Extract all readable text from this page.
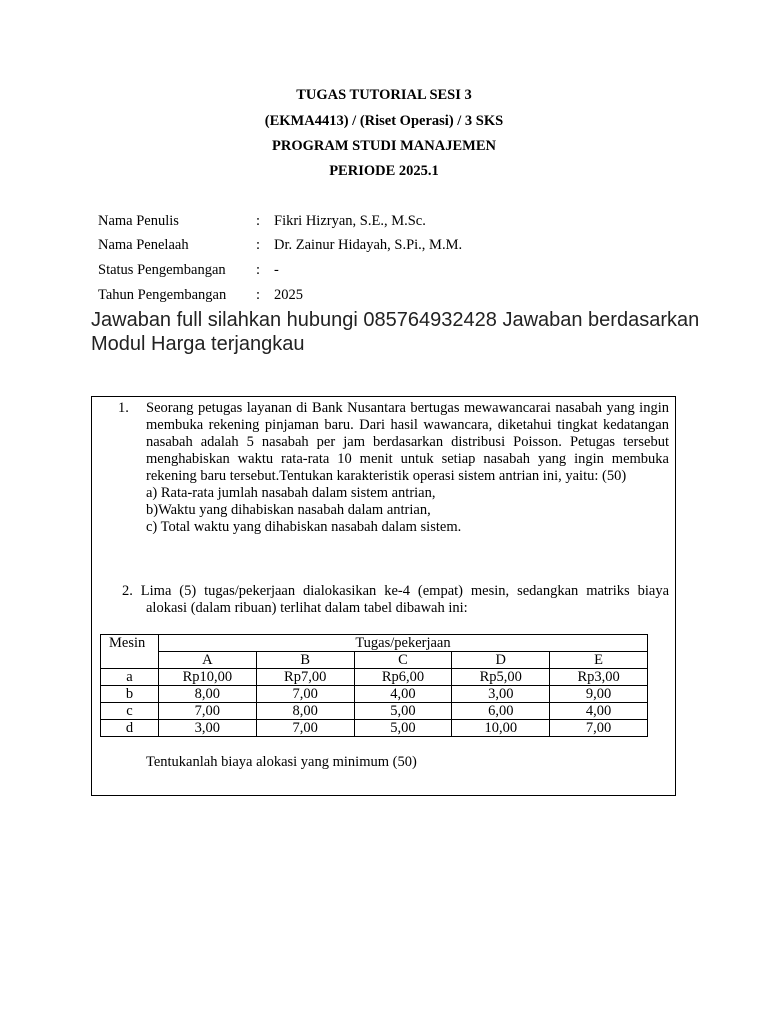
TUGAS TUTORIAL SESI 3
(EKMA4413) / (Riset Operasi) / 3 SKS
PROGRAM STUDI MANAJEMEN
PERIODE 2025.1
Nama Penulis	: Fikri Hizryan, S.E., M.Sc.
Nama Penelaah	: Dr. Zainur Hidayah, S.Pi., M.M.
Status Pengembangan : -
Tahun Pengembangan : 2025
Jawaban full silahkan hubungi 085764932428 Jawaban berdasarkan Modul Harga terjangkau
1. Seorang petugas layanan di Bank Nusantara bertugas mewawancarai nasabah yang ingin membuka rekening pinjaman baru. Dari hasil wawancara, diketahui tingkat kedatangan nasabah adalah 5 nasabah per jam berdasarkan distribusi Poisson. Petugas tersebut menghabiskan waktu rata-rata 10 menit untuk setiap nasabah yang ingin membuka rekening baru tersebut.Tentukan karakteristik operasi sistem antrian ini, yaitu: (50)
a) Rata-rata jumlah nasabah dalam sistem antrian,
b)Waktu yang dihabiskan nasabah dalam antrian,
c) Total waktu yang dihabiskan nasabah dalam sistem.
2. Lima (5) tugas/pekerjaan dialokasikan ke-4 (empat) mesin, sedangkan matriks biaya alokasi (dalam ribuan) terlihat dalam tabel dibawah ini:
Mesin	Tugas/pekerjaan				
	A	B	C	D	E
a	Rp10,00	Rp7,00	Rp6,00	Rp5,00	Rp3,00
b	8,00	7,00	4,00	3,00	9,00
c	7,00	8,00	5,00	6,00	4,00
d	3,00	7,00	5,00	10,00	7,00
Tentukanlah biaya alokasi yang minimum (50)
